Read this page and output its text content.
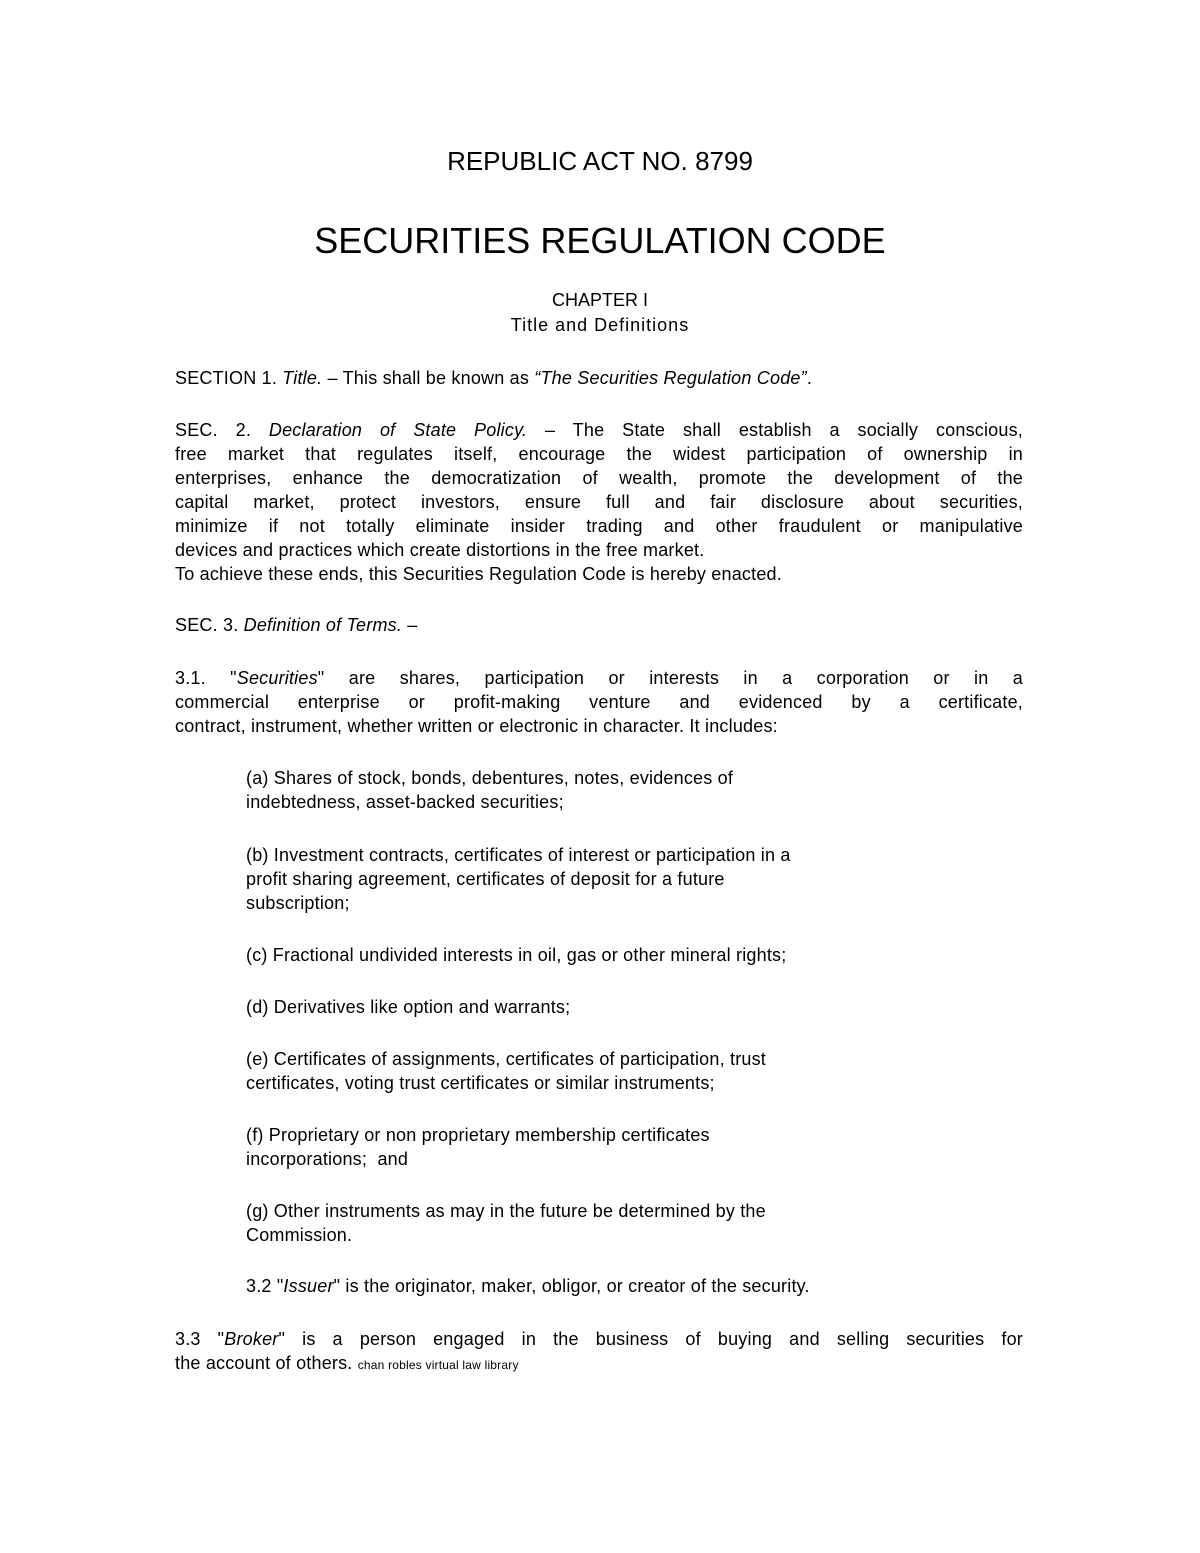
REPUBLIC ACT NO. 8799
SECURITIES REGULATION CODE
CHAPTER I
Title and Definitions
SECTION 1. Title. – This shall be known as “The Securities Regulation Code”.
SEC. 2. Declaration of State Policy. – The State shall establish a socially conscious,
free market that regulates itself, encourage the widest participation of ownership in
enterprises, enhance the democratization of wealth, promote the development of the
capital market, protect investors, ensure full and fair disclosure about securities,
minimize if not totally eliminate insider trading and other fraudulent or manipulative
devices and practices which create distortions in the free market.
To achieve these ends, this Securities Regulation Code is hereby enacted.
SEC. 3. Definition of Terms. –
3.1. "Securities" are shares, participation or interests in a corporation or in a
commercial enterprise or profit-making venture and evidenced by a certificate,
contract, instrument, whether written or electronic in character. It includes:
(a) Shares of stock, bonds, debentures, notes, evidences of
indebtedness, asset-backed securities;
(b) Investment contracts, certificates of interest or participation in a
profit sharing agreement, certificates of deposit for a future
subscription;
(c) Fractional undivided interests in oil, gas or other mineral rights;
(d) Derivatives like option and warrants;
(e) Certificates of assignments, certificates of participation, trust
certificates, voting trust certificates or similar instruments;
(f) Proprietary or non proprietary membership certificates
incorporations;  and
(g) Other instruments as may in the future be determined by the
Commission.
3.2 "Issuer" is the originator, maker, obligor, or creator of the security.
3.3 "Broker" is a person engaged in the business of buying and selling securities for
the account of others. chan robles virtual law library
